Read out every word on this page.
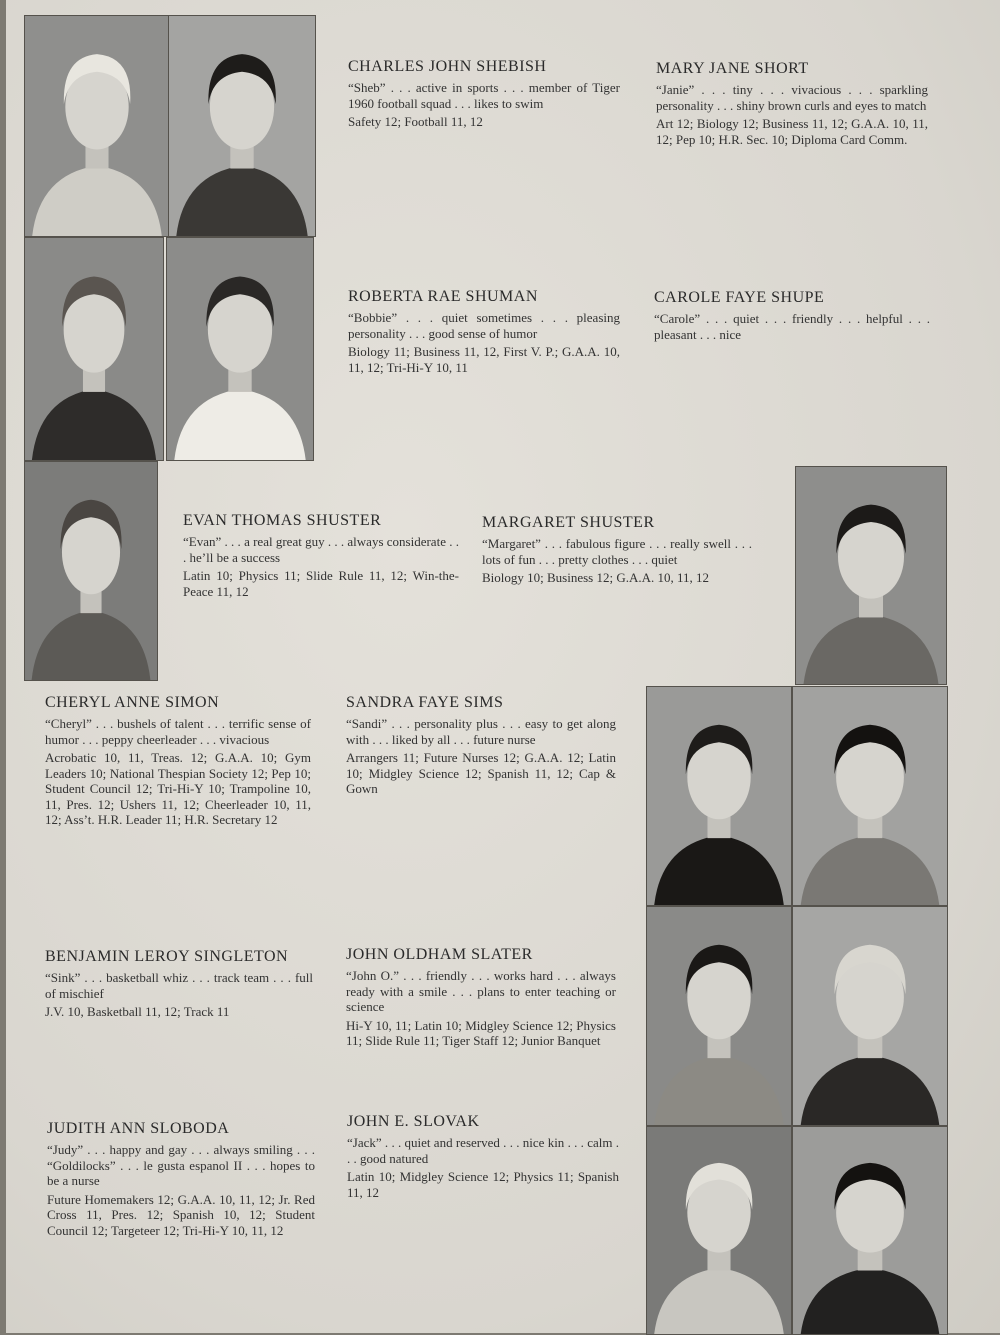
CHARLES JOHN SHEBISH

“Sheb” . . . active in sports . . . member of Tiger 1960 football squad . . . likes to swim

Safety 12; Football 11, 12

MARY JANE SHORT

“Janie” . . . tiny . . . vivacious . . . sparkling personality . . . shiny brown curls and eyes to match

Art 12; Biology 12; Business 11, 12; G.A.A. 10, 11, 12; Pep 10; H.R. Sec. 10; Diploma Card Comm.

ROBERTA RAE SHUMAN

“Bobbie” . . . quiet sometimes . . . pleasing personality . . . good sense of humor

Biology 11; Business 11, 12, First V. P.; G.A.A. 10, 11, 12; Tri-Hi-Y 10, 11

CAROLE FAYE SHUPE

“Carole” . . . quiet . . . friendly . . . helpful . . . pleasant . . . nice

EVAN THOMAS SHUSTER

“Evan” . . . a real great guy . . . always considerate . . . he’ll be a success

Latin 10; Physics 11; Slide Rule 11, 12; Win-the-Peace 11, 12

MARGARET SHUSTER

“Margaret” . . . fabulous figure . . . really swell . . . lots of fun . . . pretty clothes . . . quiet

Biology 10; Business 12; G.A.A. 10, 11, 12

CHERYL ANNE SIMON

“Cheryl” . . . bushels of talent . . . terrific sense of humor . . . peppy cheerleader . . . vivacious

Acrobatic 10, 11, Treas. 12; G.A.A. 10; Gym Leaders 10; National Thespian Society 12; Pep 10; Student Council 12; Tri-Hi-Y 10; Trampoline 10, 11, Pres. 12; Ushers 11, 12; Cheerleader 10, 11, 12; Ass’t. H.R. Leader 11; H.R. Secretary 12

SANDRA FAYE SIMS

“Sandi” . . . personality plus . . . easy to get along with . . . liked by all . . . future nurse

Arrangers 11; Future Nurses 12; G.A.A. 12; Latin 10; Midgley Science 12; Spanish 11, 12; Cap & Gown

BENJAMIN LEROY SINGLETON

“Sink” . . . basketball whiz . . . track team . . . full of mischief

J.V. 10, Basketball 11, 12; Track 11

JOHN OLDHAM SLATER

“John O.” . . . friendly . . . works hard . . . always ready with a smile . . . plans to enter teaching or science

Hi-Y 10, 11; Latin 10; Midgley Science 12; Physics 11; Slide Rule 11; Tiger Staff 12; Junior Banquet

JUDITH ANN SLOBODA

“Judy” . . . happy and gay . . . always smiling . . . “Goldilocks” . . . le gusta espanol II . . . hopes to be a nurse

Future Homemakers 12; G.A.A. 10, 11, 12; Jr. Red Cross 11, Pres. 12; Spanish 10, 12; Student Council 12; Targeteer 12; Tri-Hi-Y 10, 11, 12

JOHN E. SLOVAK

“Jack” . . . quiet and reserved . . . nice kin . . . calm . . . good natured

Latin 10; Midgley Science 12; Physics 11; Spanish 11, 12
